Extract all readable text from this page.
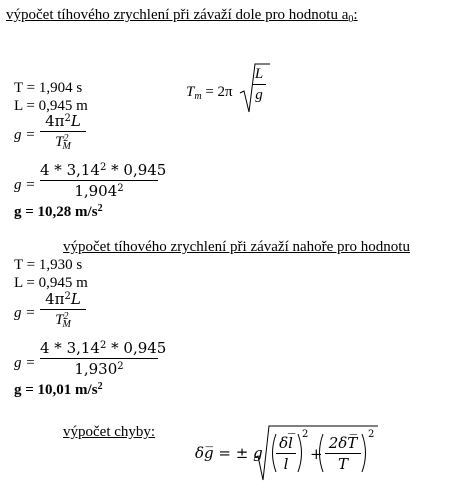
výpočet tíhového zrychlení při závaží dole pro hodnotu $a_0$:
T = 1,904 s
L = 0,945 m
$T_m = 2\pi$
L
g
g =
$4\pi^2L$
$T^2_M$
g =
4 * 3,14$^2$ * 0,945
1,904$^2$
g = 10,28 $m/s^2$
výpočet tíhového zrychlení při závaží nahoře pro hodnotu
T = 1,930 s
L = 0,945 m
g =
$4\pi^2L$
$T^2_M$
g =
4 * 3,14$^2$ * 0,945
1,930$^2$
g = 10,01 $m/s^2$
výpočet chyby:
δg̅ = ± g
δl̅
l
2
+
2δT̅
T
2
